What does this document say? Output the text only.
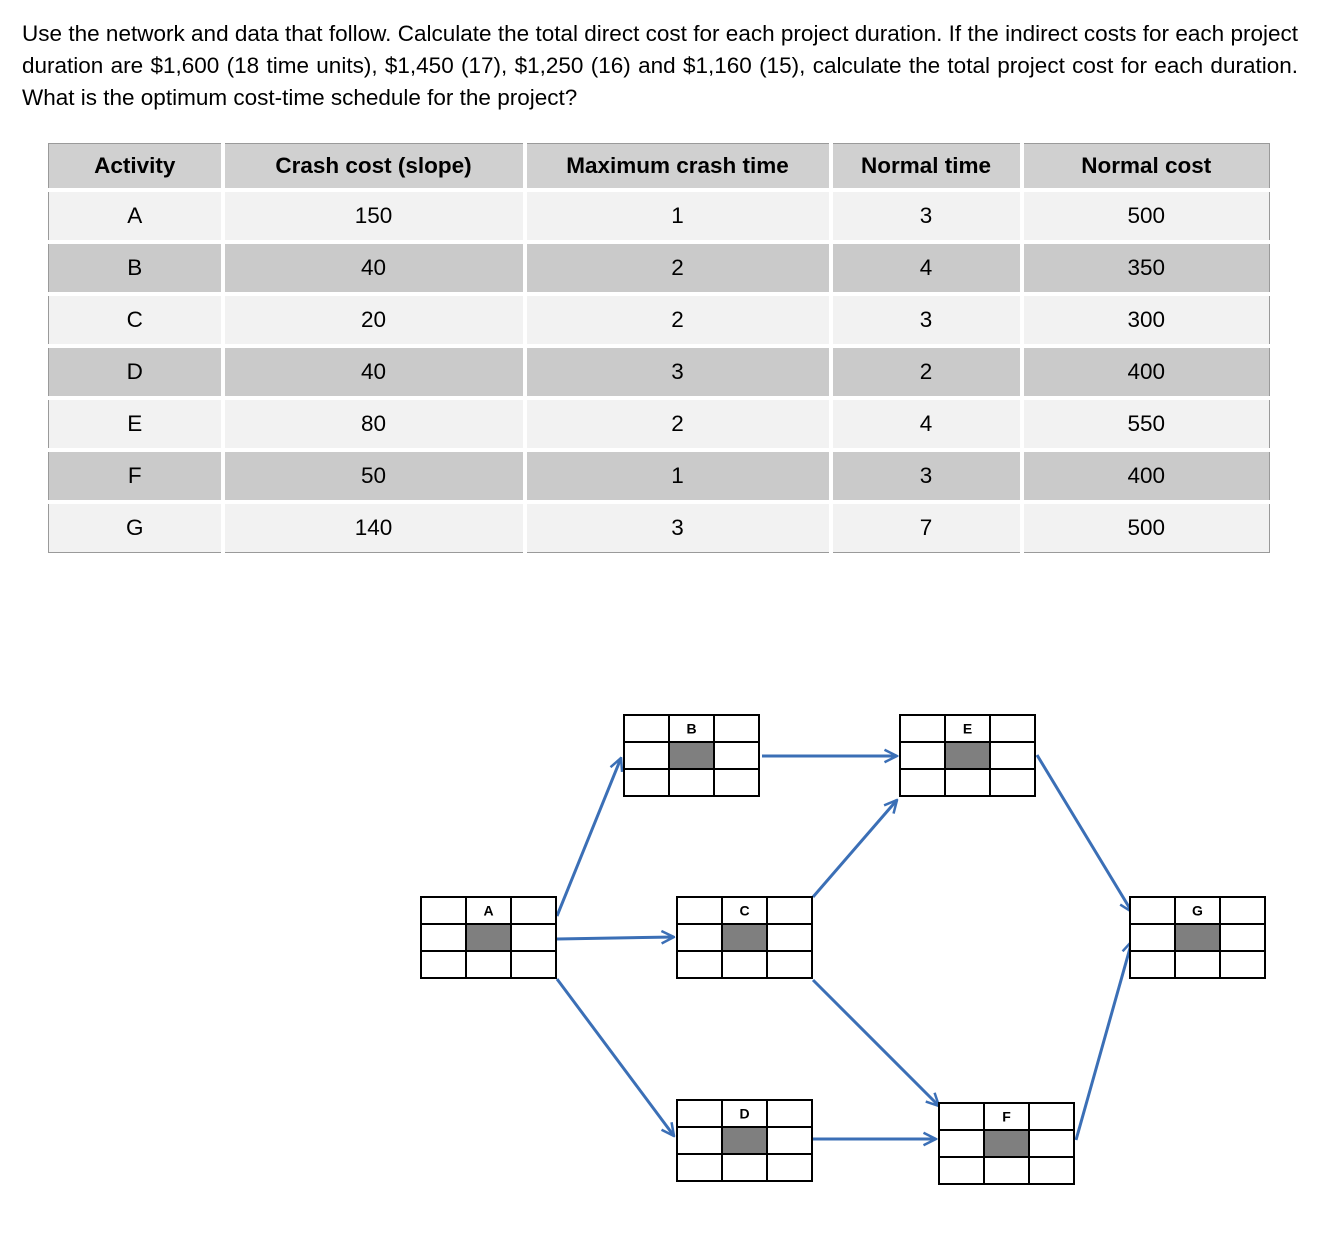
Use the network and data that follow. Calculate the total direct cost for each project duration. If the indirect costs for each project duration are $1,600 (18 time units), $1,450 (17), $1,250 (16) and $1,160 (15), calculate the total project cost for each duration. What is the optimum cost-time schedule for the project?

Activity	Crash cost (slope)	Maximum crash time	Normal time	Normal cost
A	150	1	3	500
B	40	2	4	350
C	20	2	3	300
D	40	3	2	400
E	80	2	4	550
F	50	1	3	400
G	140	3	7	500
A
B
C
D
E
F
G
